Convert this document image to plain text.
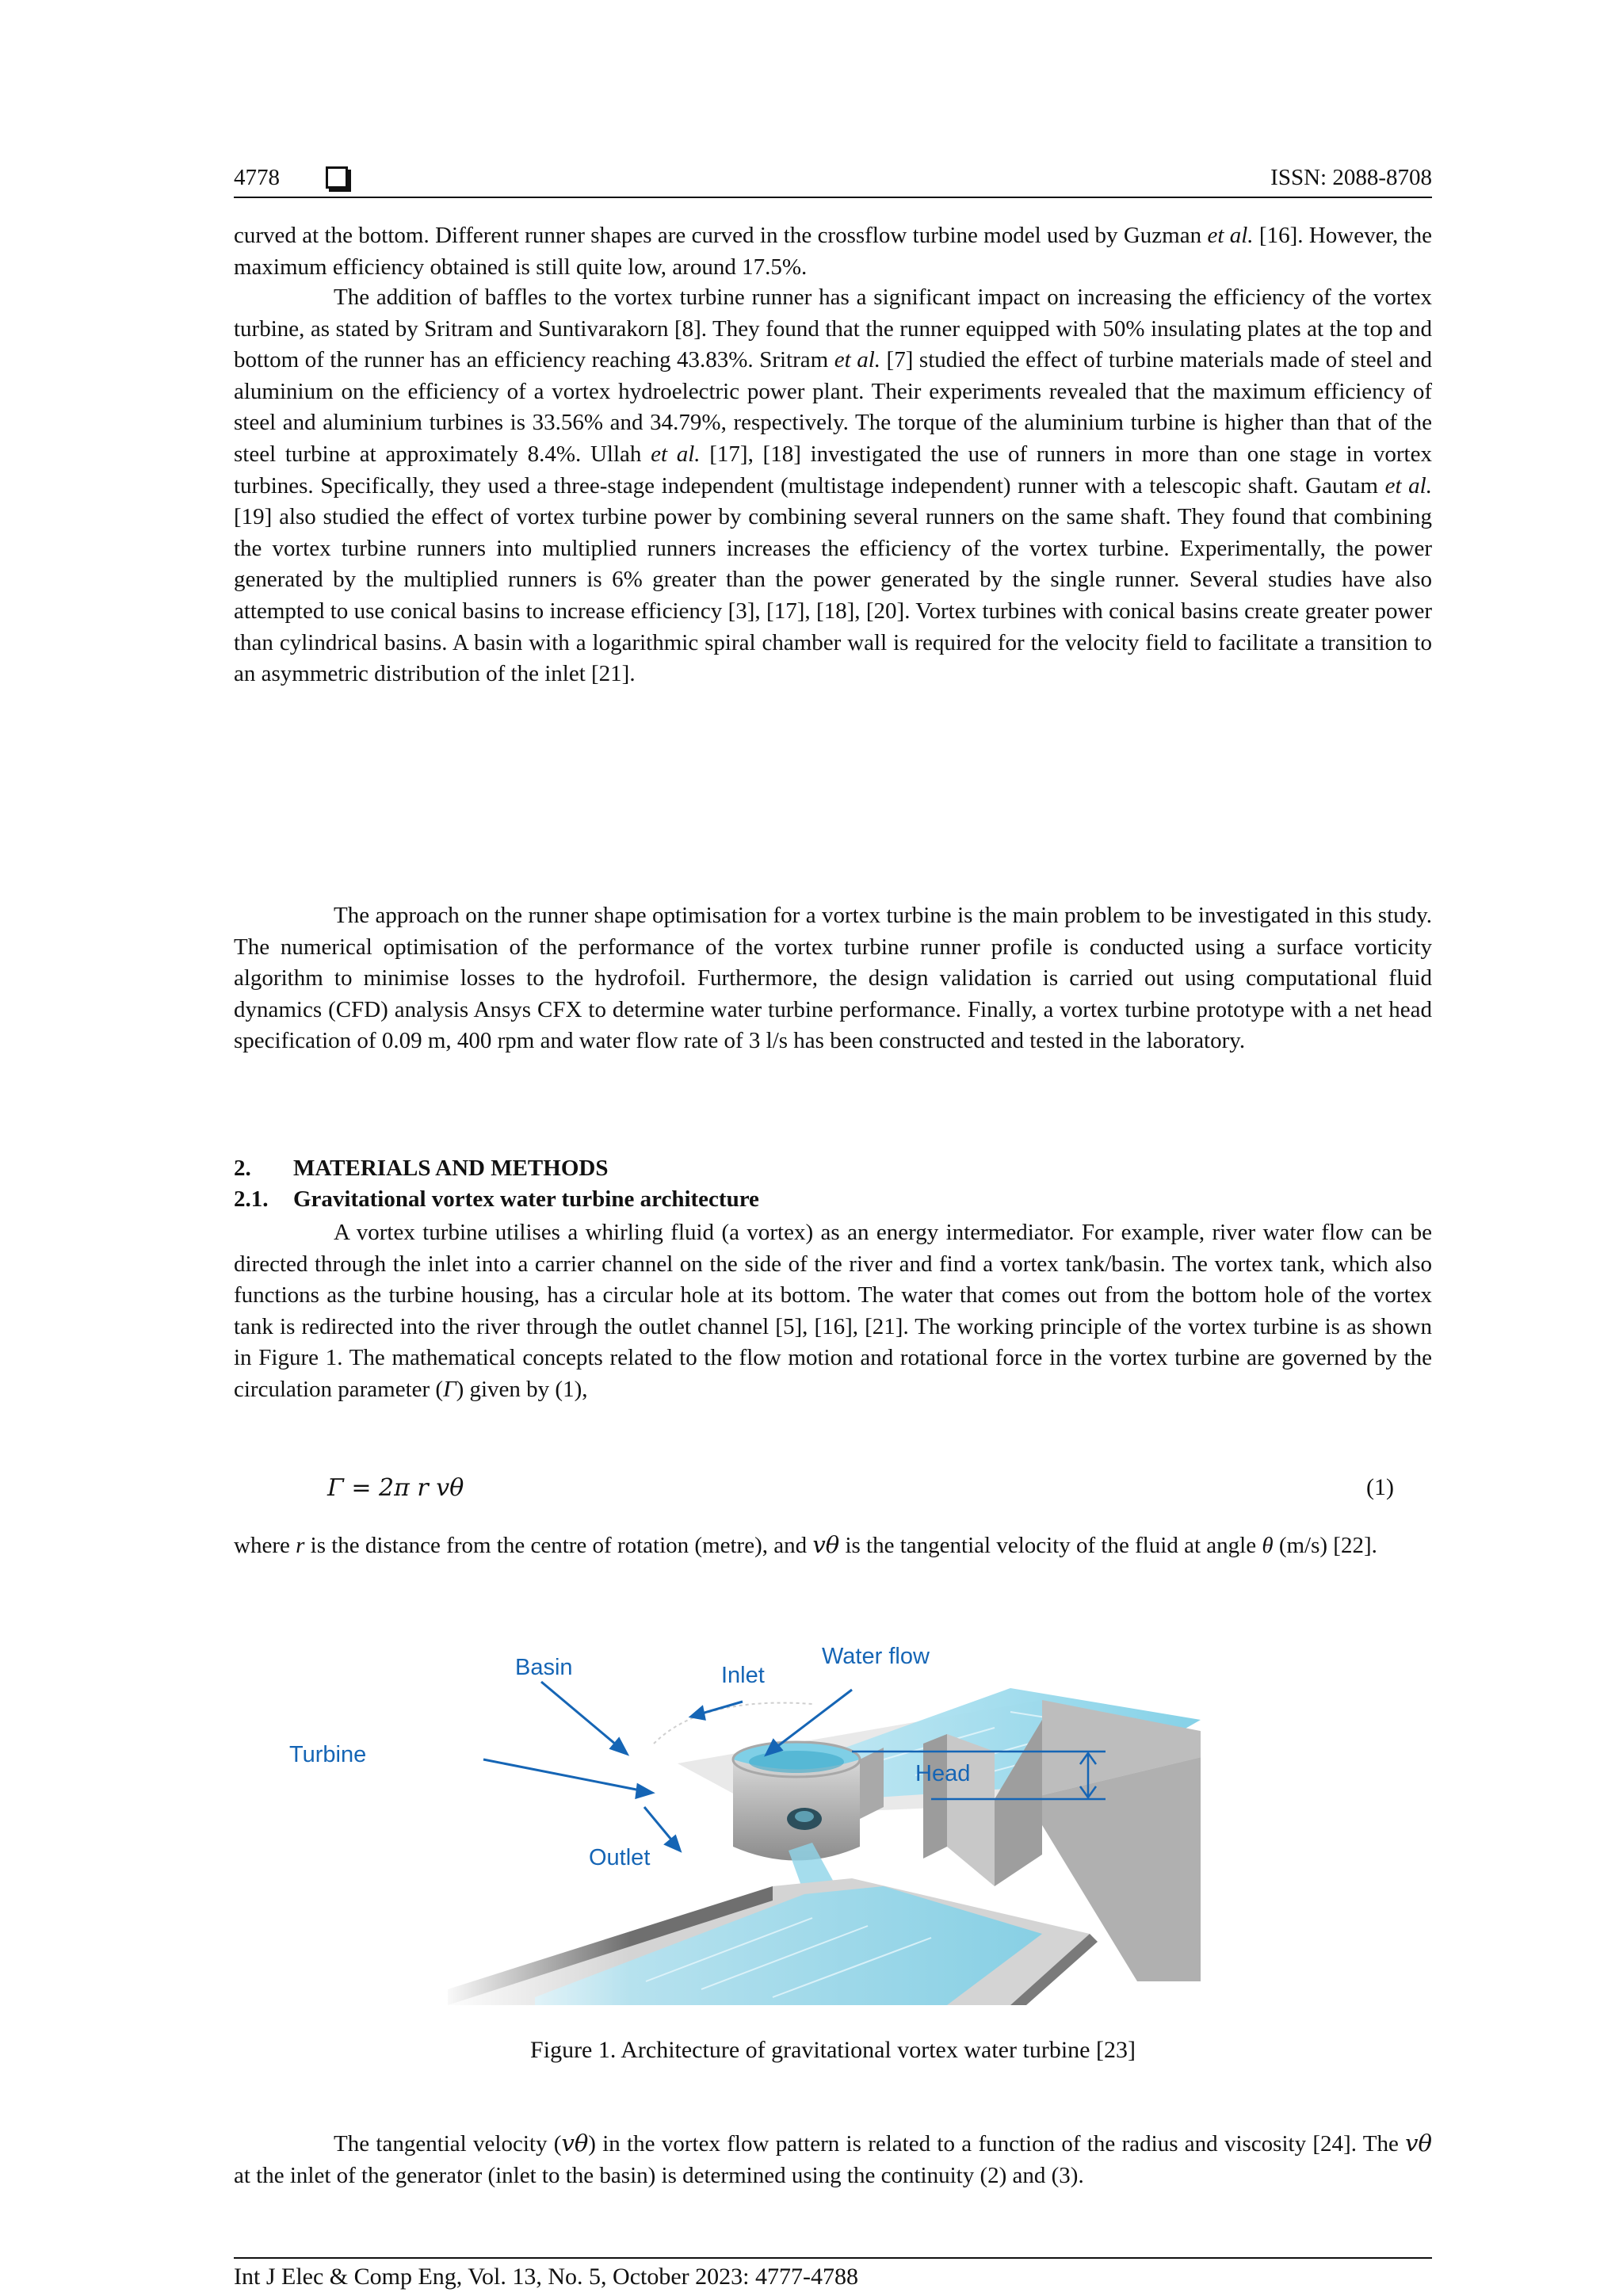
4778	ISSN: 2088-8708

curved at the bottom. Different runner shapes are curved in the crossflow turbine model used by Guzman et al. [16]. However, the maximum efficiency obtained is still quite low, around 17.5%.

The addition of baffles to the vortex turbine runner has a significant impact on increasing the efficiency of the vortex turbine, as stated by Sritram and Suntivarakorn [8]. They found that the runner equipped with 50% insulating plates at the top and bottom of the runner has an efficiency reaching 43.83%. Sritram et al. [7] studied the effect of turbine materials made of steel and aluminium on the efficiency of a vortex hydroelectric power plant. Their experiments revealed that the maximum efficiency of steel and aluminium turbines is 33.56% and 34.79%, respectively. The torque of the aluminium turbine is higher than that of the steel turbine at approximately 8.4%. Ullah et al. [17], [18] investigated the use of runners in more than one stage in vortex turbines. Specifically, they used a three-stage independent (multistage independent) runner with a telescopic shaft. Gautam et al. [19] also studied the effect of vortex turbine power by combining several runners on the same shaft. They found that combining the vortex turbine runners into multiplied runners increases the efficiency of the vortex turbine. Experimentally, the power generated by the multiplied runners is 6% greater than the power generated by the single runner. Several studies have also attempted to use conical basins to increase efficiency [3], [17], [18], [20]. Vortex turbines with conical basins create greater power than cylindrical basins. A basin with a logarithmic spiral chamber wall is required for the velocity field to facilitate a transition to an asymmetric distribution of the inlet [21].

The approach on the runner shape optimisation for a vortex turbine is the main problem to be investigated in this study. The numerical optimisation of the performance of the vortex turbine runner profile is conducted using a surface vorticity algorithm to minimise losses to the hydrofoil. Furthermore, the design validation is carried out using computational fluid dynamics (CFD) analysis Ansys CFX to determine water turbine performance. Finally, a vortex turbine prototype with a net head specification of 0.09 m, 400 rpm and water flow rate of 3 l/s has been constructed and tested in the laboratory.

2. MATERIALS AND METHODS
2.1. Gravitational vortex water turbine architecture

A vortex turbine utilises a whirling fluid (a vortex) as an energy intermediator. For example, river water flow can be directed through the inlet into a carrier channel on the side of the river and find a vortex tank/basin. The vortex tank, which also functions as the turbine housing, has a circular hole at its bottom. The water that comes out from the bottom hole of the vortex tank is redirected into the river through the outlet channel [5], [16], [21]. The working principle of the vortex turbine is as shown in Figure 1. The mathematical concepts related to the flow motion and rotational force in the vortex turbine are governed by the circulation parameter (Γ) given by (1),

Γ = 2π r vθ	(1)

where r is the distance from the centre of rotation (metre), and vθ is the tangential velocity of the fluid at angle θ (m/s) [22].

Basin	Inlet
Water flow
Turbine
Head
Outlet
Figure 1. Architecture of gravitational vortex water turbine [23]

The tangential velocity (vθ) in the vortex flow pattern is related to a function of the radius and viscosity [24]. The vθ at the inlet of the generator (inlet to the basin) is determined using the continuity (2) and (3).

Int J Elec & Comp Eng, Vol. 13, No. 5, October 2023: 4777-4788
